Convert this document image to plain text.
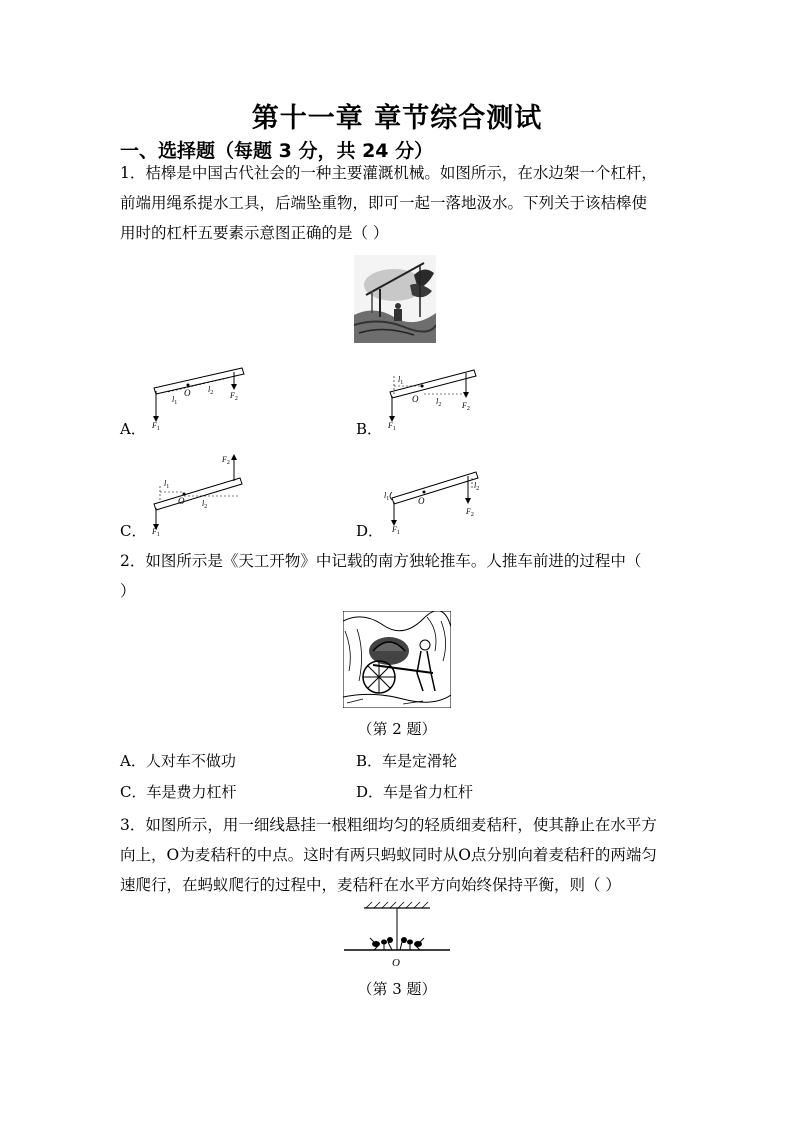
第十一章 章节综合测试
一、选择题（每题 3 分，共 24 分）
1．桔槔是中国古代社会的一种主要灌溉机械。如图所示，在水边架一个杠杆，
前端用绳系提水工具，后端坠重物，即可一起一落地汲水。下列关于该桔槔使
用时的杠杆五要素示意图正确的是（ ）
O
$l_1$
$l_2$
$F_1$
$F_2$
A．
$l_1$
O $l_2$
$F_1$
$F_2$
B．
$l_1$
O $l_2$
$F_1$
$F_2$
C．
$l_1$	O
$l_2$
$F_1$
$F_2$
D．
2．如图所示是《天工开物》中记载的南方独轮推车。人推车前进的过程中（
）
（第 2 题）
A．人对车不做功	B．车是定滑轮
C．车是费力杠杆	D．车是省力杠杆
3．如图所示，用一细线悬挂一根粗细均匀的轻质细麦秸秆，使其静止在水平方
向上，O为麦秸秆的中点。这时有两只蚂蚁同时从O点分别向着麦秸秆的两端匀
速爬行，在蚂蚁爬行的过程中，麦秸秆在水平方向始终保持平衡，则（ ）
O
（第 3 题）
